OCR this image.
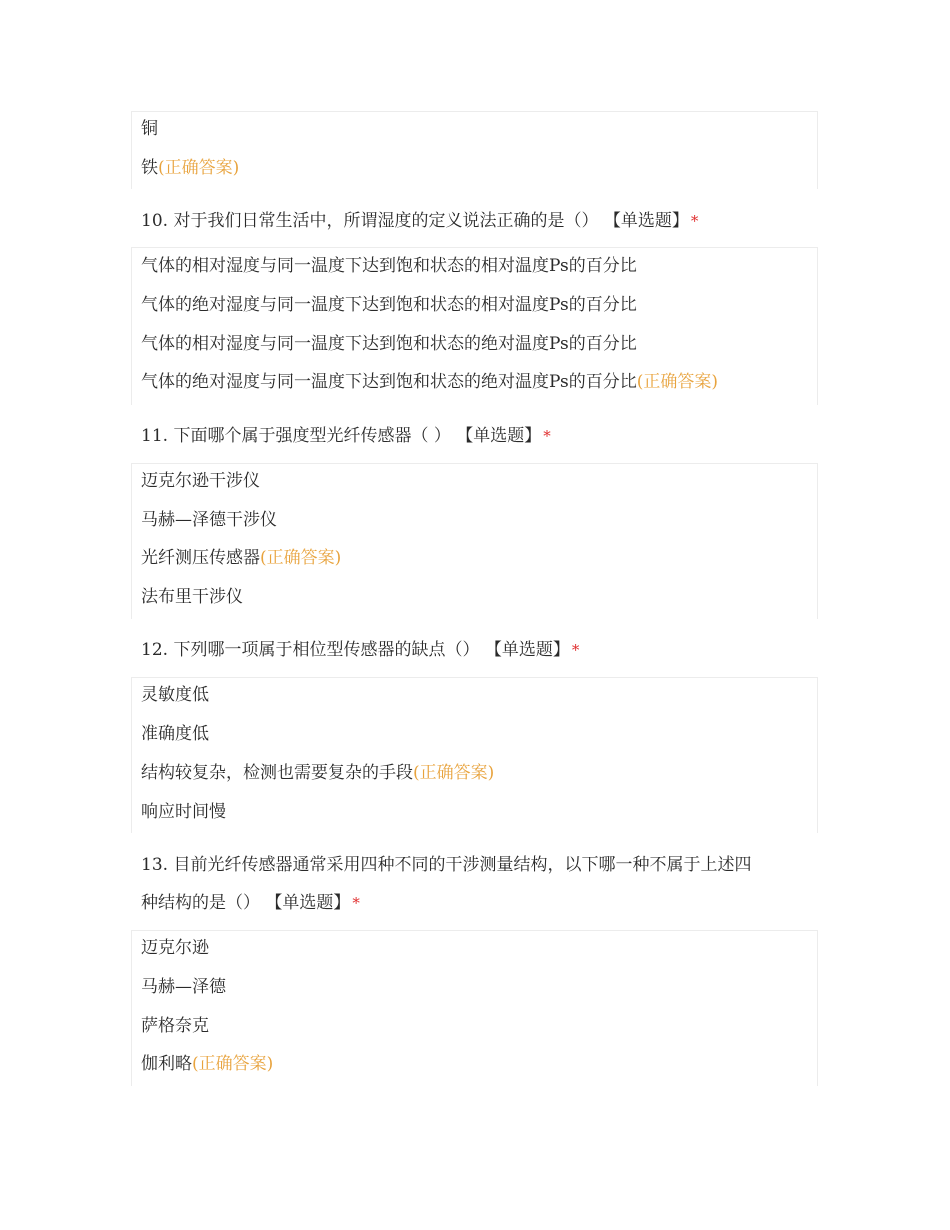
铜
铁(正确答案)
10. 对于我们日常生活中，所谓湿度的定义说法正确的是（） 【单选题】 *
气体的相对湿度与同一温度下达到饱和状态的相对温度Ps的百分比
气体的绝对湿度与同一温度下达到饱和状态的相对温度Ps的百分比
气体的相对湿度与同一温度下达到饱和状态的绝对温度Ps的百分比
气体的绝对湿度与同一温度下达到饱和状态的绝对温度Ps的百分比(正确答案)
11. 下面哪个属于强度型光纤传感器（ ） 【单选题】 *
迈克尔逊干涉仪
马赫—泽德干涉仪
光纤测压传感器(正确答案)
法布里干涉仪
12. 下列哪一项属于相位型传感器的缺点（） 【单选题】 *
灵敏度低
准确度低
结构较复杂，检测也需要复杂的手段(正确答案)
响应时间慢
13. 目前光纤传感器通常采用四种不同的干涉测量结构，以下哪一种不属于上述四
种结构的是（） 【单选题】 *
迈克尔逊
马赫—泽德
萨格奈克
伽利略(正确答案)
